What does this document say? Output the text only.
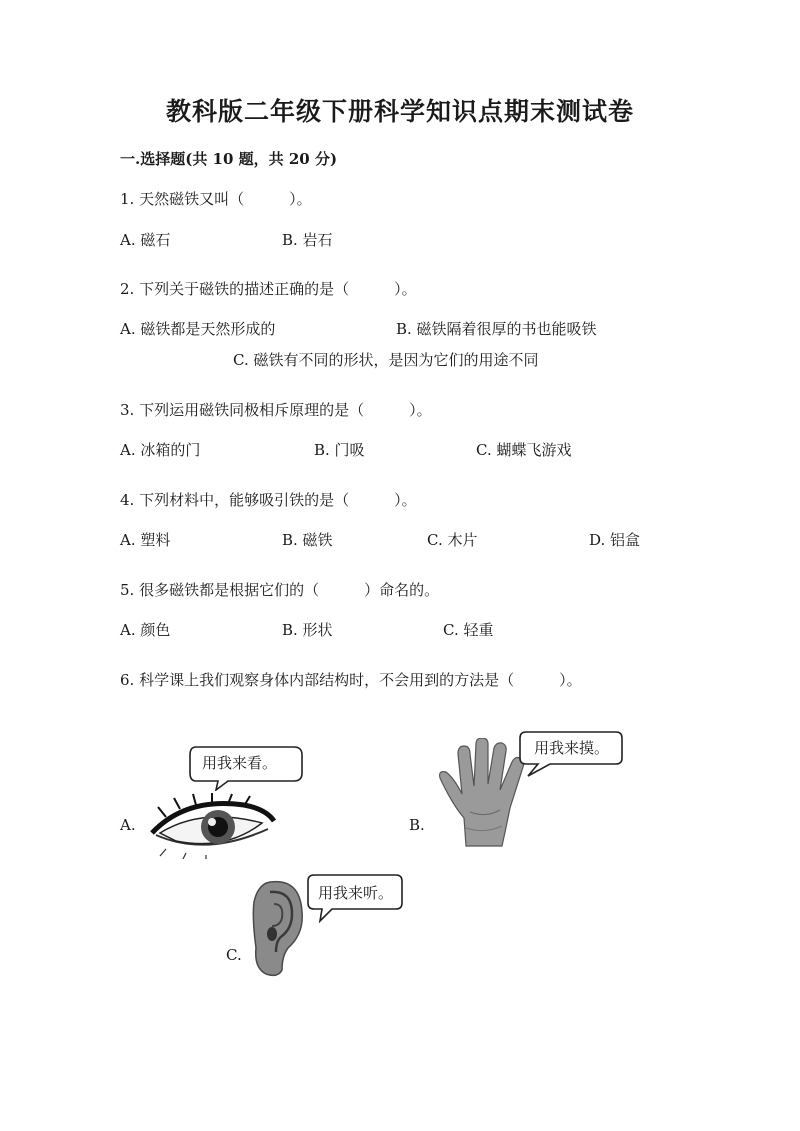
教科版二年级下册科学知识点期末测试卷
一.选择题(共 10 题，共 20 分)
1. 天然磁铁又叫（　　　）。
A. 磁石	B. 岩石
2. 下列关于磁铁的描述正确的是（　　　）。
A. 磁铁都是天然形成的	B. 磁铁隔着很厚的书也能吸铁
C. 磁铁有不同的形状，是因为它们的用途不同
3. 下列运用磁铁同极相斥原理的是（　　　）。
A. 冰箱的门	B. 门吸	C. 蝴蝶飞游戏
4. 下列材料中，能够吸引铁的是（　　　）。
A. 塑料	B. 磁铁	C. 木片	D. 铝盒
5. 很多磁铁都是根据它们的（　　　）命名的。
A. 颜色	B. 形状	C. 轻重
6. 科学课上我们观察身体内部结构时，不会用到的方法是（　　　）。
A.
用我来看。
B.
用我来摸。
C.
用我来听。
